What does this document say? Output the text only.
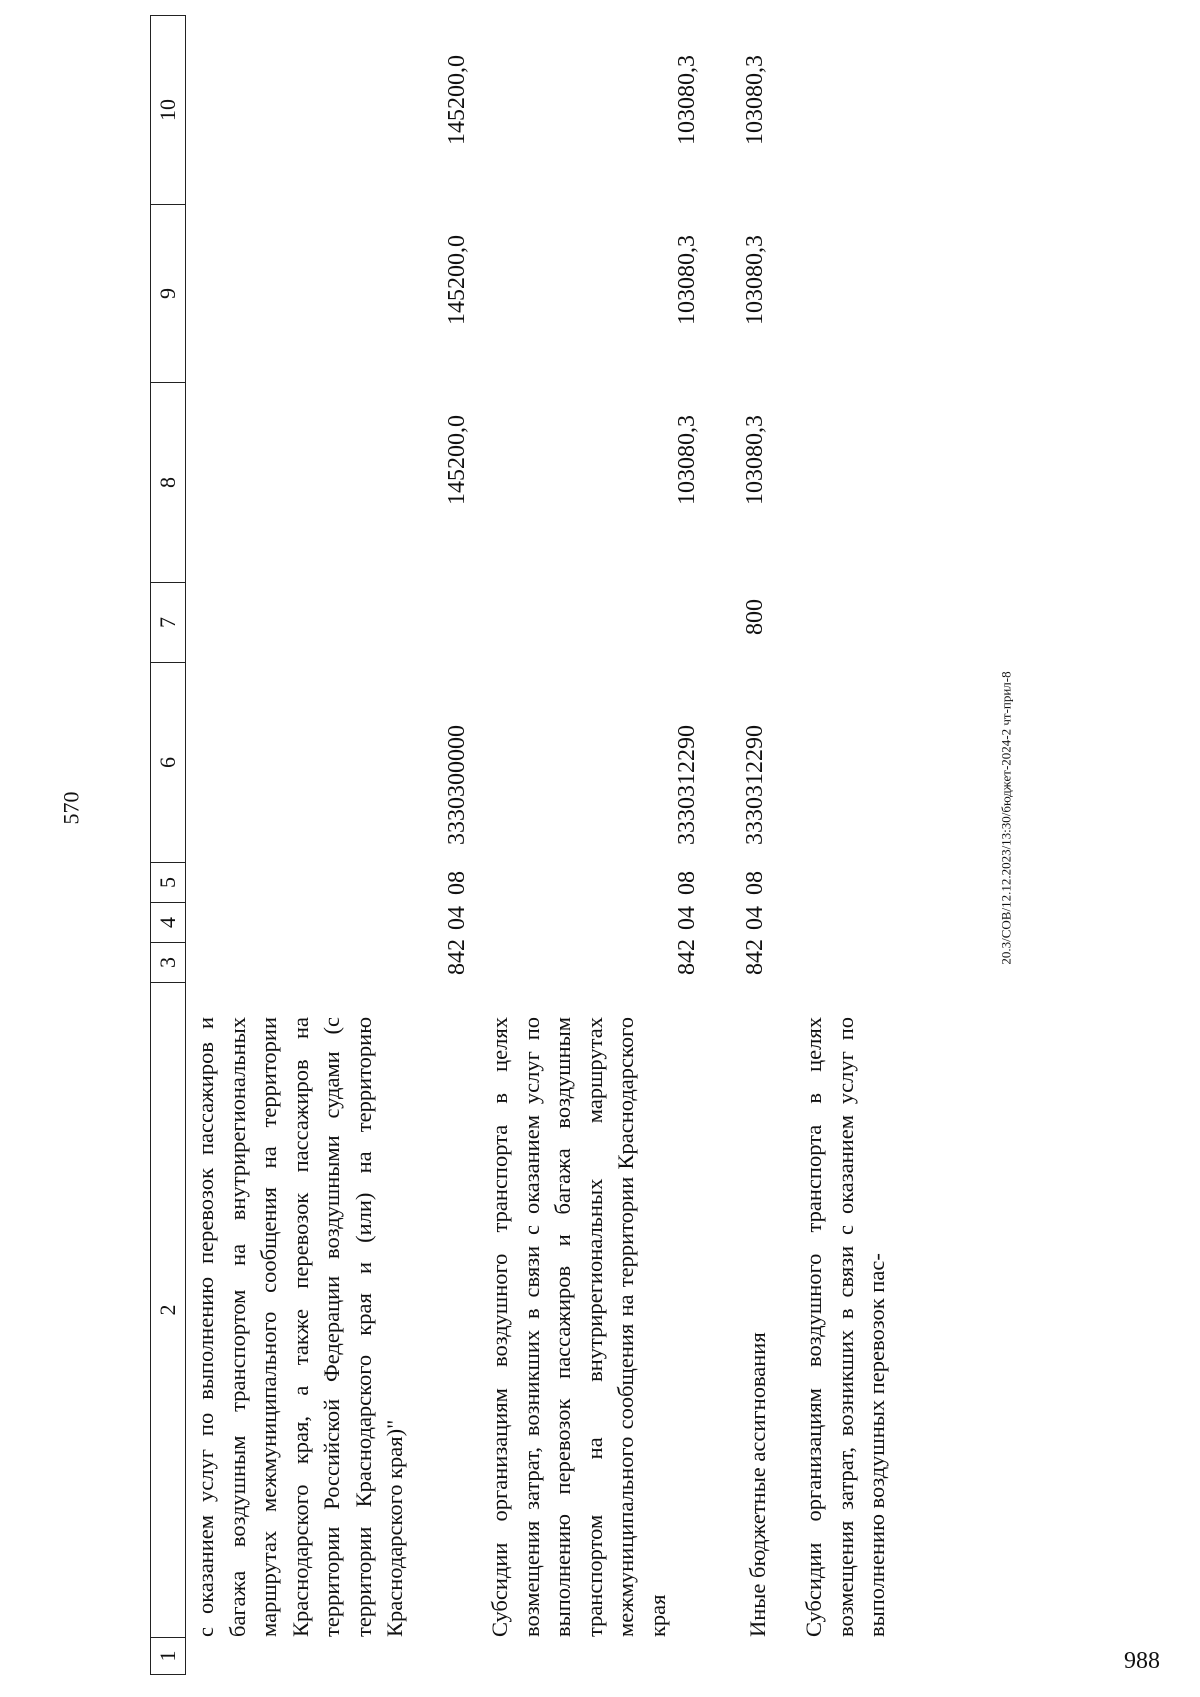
570	20.3/СОВ/12.12.2023/13:30/бюджет-2024-2 чт-прил-8
988
1
2
3
4
5
6
7
8
9
10
с оказанием услуг по выполнению перевозок пассажиров и багажа воздушным транспортом на внутрирегиональных маршрутах межмуниципального сообщения на территории Краснодарского края, а также перевозок пассажиров на территории Российской Федерации воздушными судами (с территории Краснодарского края и (или) на территорию Краснодарского края)"
842
04
08
3330300000
145200,0
145200,0
145200,0
Субсидии организациям воздушного транспорта в целях возмещения затрат, возникших в связи с оказанием услуг по выполнению перевозок пассажиров и багажа воздушным транспортом на внутрирегиональных маршрутах межмуниципального сообщения на территории Краснодарского края
842
04
08
3330312290
103080,3
103080,3
103080,3
Иные бюджетные ассигнования
842
04
08
3330312290
800
103080,3
103080,3
103080,3
Субсидии организациям воздушного транспорта в целях возмещения затрат, возникших в связи с оказанием услуг по выполнению воздушных перевозок пас-
